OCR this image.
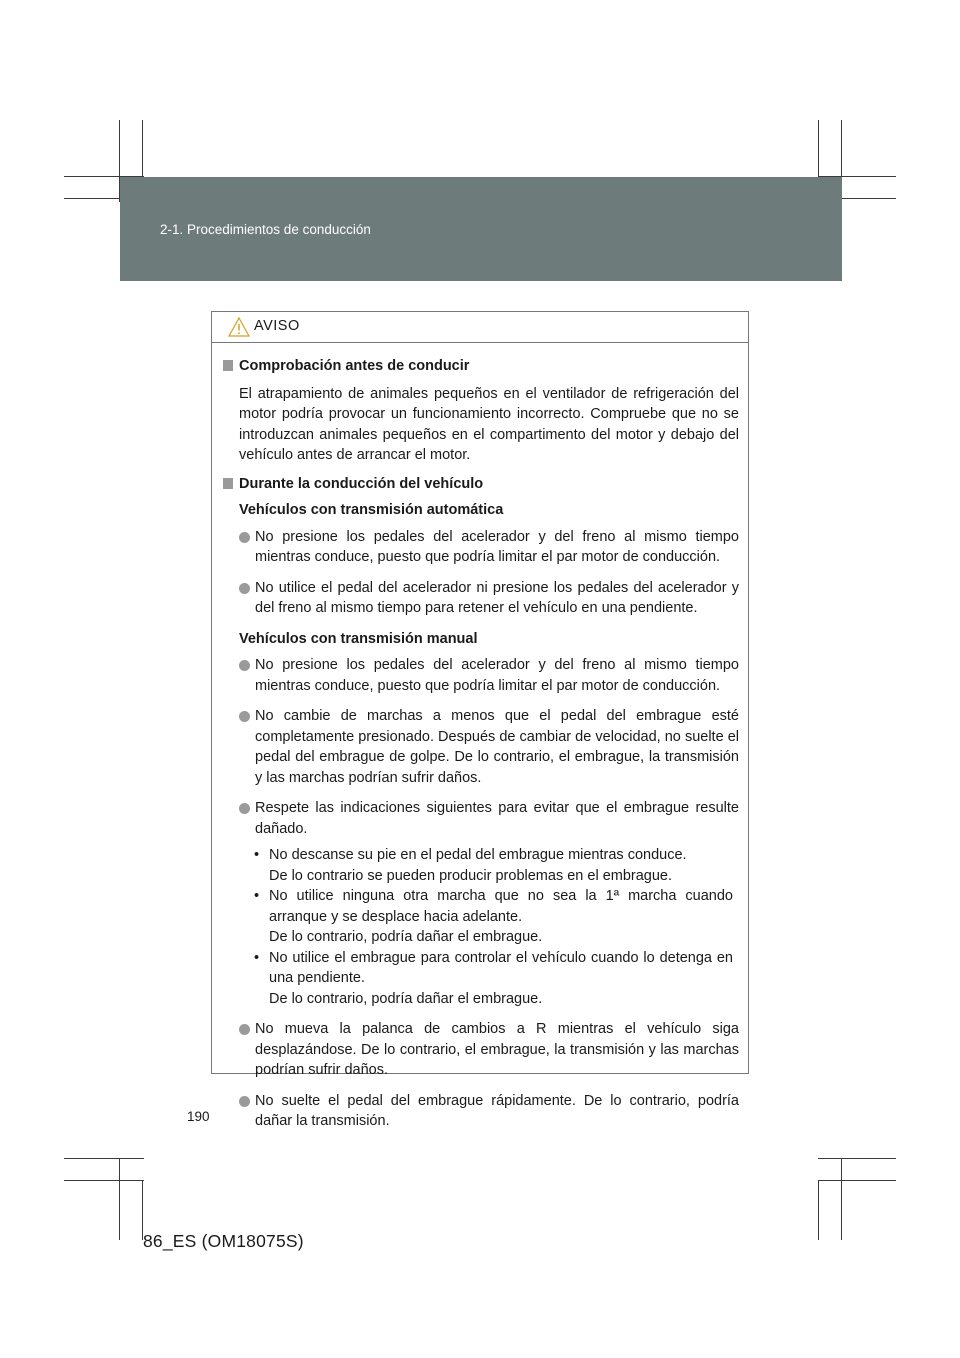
2-1. Procedimientos de conducción
AVISO
Comprobación antes de conducir

El atrapamiento de animales pequeños en el ventilador de refrigeración del motor podría provocar un funcionamiento incorrecto. Compruebe que no se introduzcan animales pequeños en el compartimento del motor y debajo del vehículo antes de arrancar el motor.

Durante la conducción del vehículo

Vehículos con transmisión automática

No presione los pedales del acelerador y del freno al mismo tiempo mientras conduce, puesto que podría limitar el par motor de conducción.
No utilice el pedal del acelerador ni presione los pedales del acelerador y del freno al mismo tiempo para retener el vehículo en una pendiente.

Vehículos con transmisión manual

No presione los pedales del acelerador y del freno al mismo tiempo mientras conduce, puesto que podría limitar el par motor de conducción.
No cambie de marchas a menos que el pedal del embrague esté completamente presionado. Después de cambiar de velocidad, no suelte el pedal del embrague de golpe. De lo contrario, el embrague, la transmisión y las marchas podrían sufrir daños.
Respete las indicaciones siguientes para evitar que el embrague resulte dañado.
• No descanse su pie en el pedal del embrague mientras conduce.
De lo contrario se pueden producir problemas en el embrague.
• No utilice ninguna otra marcha que no sea la 1ª marcha cuando arranque y se desplace hacia adelante.
De lo contrario, podría dañar el embrague.
• No utilice el embrague para controlar el vehículo cuando lo detenga en una pendiente.
De lo contrario, podría dañar el embrague.
No mueva la palanca de cambios a R mientras el vehículo siga desplazándose. De lo contrario, el embrague, la transmisión y las marchas podrían sufrir daños.
No suelte el pedal del embrague rápidamente. De lo contrario, podría dañar la transmisión.
190
86_ES (OM18075S)
